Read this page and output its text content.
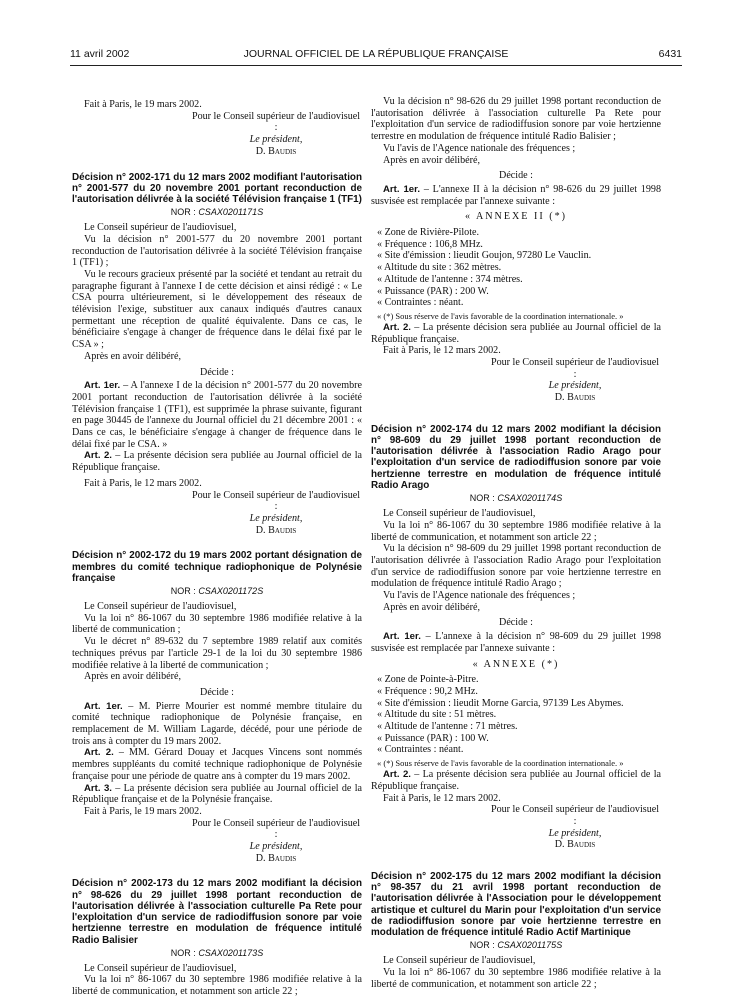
11 avril 2002	JOURNAL OFFICIEL DE LA RÉPUBLIQUE FRANÇAISE	6431

Fait à Paris, le 19 mars 2002.

Pour le Conseil supérieur de l'audiovisuel :

Le président,

D. Baudis

Décision n° 2002-171 du 12 mars 2002 modifiant l'autorisation n° 2001-577 du 20 novembre 2001 portant reconduction de l'autorisation délivrée à la société Télévision française 1 (TF1)

NOR : CSAX0201171S

Le Conseil supérieur de l'audiovisuel,

Vu la décision n° 2001-577 du 20 novembre 2001 portant reconduction de l'autorisation délivrée à la société Télévision française 1 (TF1) ;

Vu le recours gracieux présenté par la société et tendant au retrait du paragraphe figurant à l'annexe I de cette décision et ainsi rédigé : « Le CSA pourra ultérieurement, si le développement des réseaux de télévision l'exige, substituer aux canaux indiqués d'autres canaux permettant une réception de qualité équivalente. Dans ce cas, le bénéficiaire s'engage à changer de fréquence dans le délai fixé par le CSA » ;

Après en avoir délibéré,

Décide :

Art. 1er. – A l'annexe I de la décision n° 2001-577 du 20 novembre 2001 portant reconduction de l'autorisation délivrée à la société Télévision française 1 (TF1), est supprimée la phrase suivante, figurant en page 30445 de l'annexe du Journal officiel du 21 décembre 2001 : « Dans ce cas, le bénéficiaire s'engage à changer de fréquence dans le délai fixé par le CSA. »

Art. 2. – La présente décision sera publiée au Journal officiel de la République française.

Fait à Paris, le 12 mars 2002.

Pour le Conseil supérieur de l'audiovisuel :

Le président,

D. Baudis

Décision n° 2002-172 du 19 mars 2002 portant désignation de membres du comité technique radiophonique de Polynésie française

NOR : CSAX0201172S

Le Conseil supérieur de l'audiovisuel,

Vu la loi n° 86-1067 du 30 septembre 1986 modifiée relative à la liberté de communication ;

Vu le décret n° 89-632 du 7 septembre 1989 relatif aux comités techniques prévus par l'article 29-1 de la loi du 30 septembre 1986 modifiée relative à la liberté de communication ;

Après en avoir délibéré,

Décide :

Art. 1er. – M. Pierre Mourier est nommé membre titulaire du comité technique radiophonique de Polynésie française, en remplacement de M. William Lagarde, décédé, pour une période de trois ans à compter du 19 mars 2002.

Art. 2. – MM. Gérard Douay et Jacques Vincens sont nommés membres suppléants du comité technique radiophonique de Polynésie française pour une période de quatre ans à compter du 19 mars 2002.

Art. 3. – La présente décision sera publiée au Journal officiel de la République française et de la Polynésie française.

Fait à Paris, le 19 mars 2002.

Pour le Conseil supérieur de l'audiovisuel :

Le président,

D. Baudis

Décision n° 2002-173 du 12 mars 2002 modifiant la décision n° 98-626 du 29 juillet 1998 portant reconduction de l'autorisation délivrée à l'association culturelle Pa Rete pour l'exploitation d'un service de radiodiffusion sonore par voie hertzienne terrestre en modulation de fréquence intitulé Radio Balisier

NOR : CSAX0201173S

Le Conseil supérieur de l'audiovisuel,

Vu la loi n° 86-1067 du 30 septembre 1986 modifiée relative à la liberté de communication, et notamment son article 22 ;

Vu la décision n° 98-626 du 29 juillet 1998 portant reconduction de l'autorisation délivrée à l'association culturelle Pa Rete pour l'exploitation d'un service de radiodiffusion sonore par voie hertzienne terrestre en modulation de fréquence intitulé Radio Balisier ;

Vu l'avis de l'Agence nationale des fréquences ;

Après en avoir délibéré,

Décide :

Art. 1er. – L'annexe II à la décision n° 98-626 du 29 juillet 1998 susvisée est remplacée par l'annexe suivante :

« ANNEXE II (*)

« Zone de Rivière-Pilote.

« Fréquence : 106,8 MHz.

« Site d'émission : lieudit Goujon, 97280 Le Vauclin.

« Altitude du site : 362 mètres.

« Altitude de l'antenne : 374 mètres.

« Puissance (PAR) : 200 W.

« Contraintes : néant.

« (*) Sous réserve de l'avis favorable de la coordination internationale. »

Art. 2. – La présente décision sera publiée au Journal officiel de la République française.

Fait à Paris, le 12 mars 2002.

Pour le Conseil supérieur de l'audiovisuel :

Le président,

D. Baudis

Décision n° 2002-174 du 12 mars 2002 modifiant la décision n° 98-609 du 29 juillet 1998 portant reconduction de l'autorisation délivrée à l'association Radio Arago pour l'exploitation d'un service de radiodiffusion sonore par voie hertzienne terrestre en modulation de fréquence intitulé Radio Arago

NOR : CSAX0201174S

Le Conseil supérieur de l'audiovisuel,

Vu la loi n° 86-1067 du 30 septembre 1986 modifiée relative à la liberté de communication, et notamment son article 22 ;

Vu la décision n° 98-609 du 29 juillet 1998 portant reconduction de l'autorisation délivrée à l'association Radio Arago pour l'exploitation d'un service de radiodiffusion sonore par voie hertzienne terrestre en modulation de fréquence intitulé Radio Arago ;

Vu l'avis de l'Agence nationale des fréquences ;

Après en avoir délibéré,

Décide :

Art. 1er. – L'annexe à la décision n° 98-609 du 29 juillet 1998 susvisée est remplacée par l'annexe suivante :

« ANNEXE (*)

« Zone de Pointe-à-Pitre.

« Fréquence : 90,2 MHz.

« Site d'émission : lieudit Morne Garcia, 97139 Les Abymes.

« Altitude du site : 51 mètres.

« Altitude de l'antenne : 71 mètres.

« Puissance (PAR) : 100 W.

« Contraintes : néant.

« (*) Sous réserve de l'avis favorable de la coordination internationale. »

Art. 2. – La présente décision sera publiée au Journal officiel de la République française.

Fait à Paris, le 12 mars 2002.

Pour le Conseil supérieur de l'audiovisuel :

Le président,

D. Baudis

Décision n° 2002-175 du 12 mars 2002 modifiant la décision n° 98-357 du 21 avril 1998 portant reconduction de l'autorisation délivrée à l'Association pour le développement artistique et culturel du Marin pour l'exploitation d'un service de radiodiffusion sonore par voie hertzienne terrestre en modulation de fréquence intitulé Radio Actif Martinique

NOR : CSAX0201175S

Le Conseil supérieur de l'audiovisuel,

Vu la loi n° 86-1067 du 30 septembre 1986 modifiée relative à la liberté de communication, et notamment son article 22 ;
